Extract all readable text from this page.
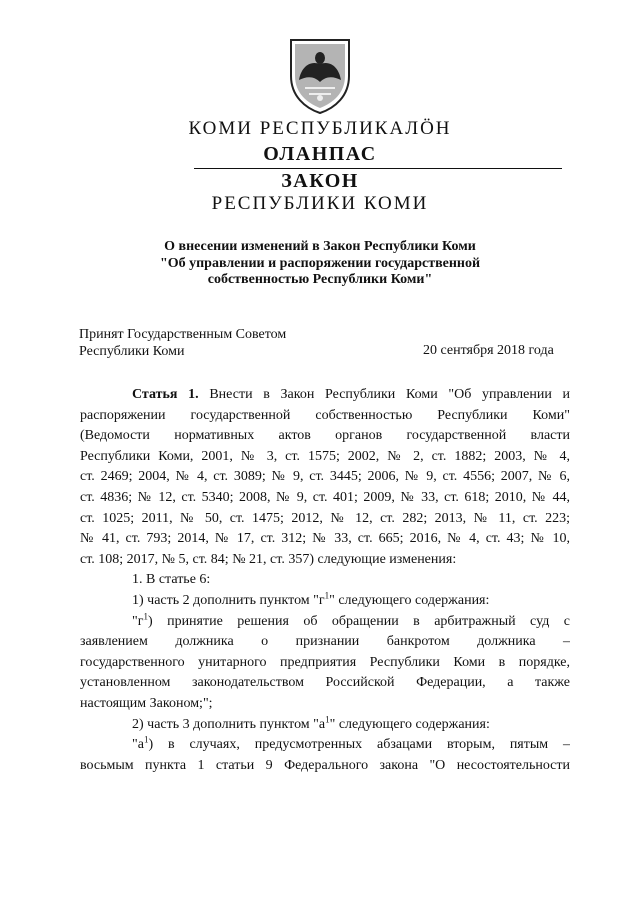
КОМИ РЕСПУБЛИКАЛӦН
ОЛАНПАС
ЗАКОН
РЕСПУБЛИКИ КОМИ
О внесении изменений в Закон Республики Коми
"Об управлении и распоряжении государственной
собственностью Республики Коми"
Принят Государственным Советом
Республики Коми	20 сентября 2018 года
Статья 1. Внести в Закон Республики Коми "Об управлении и
распоряжении государственной собственностью Республики Коми"
(Ведомости нормативных актов органов государственной власти
Республики Коми, 2001, № 3, ст. 1575; 2002, № 2, ст. 1882; 2003, № 4,
ст. 2469; 2004, № 4, ст. 3089; № 9, ст. 3445; 2006, № 9, ст. 4556; 2007, № 6,
ст. 4836; № 12, ст. 5340; 2008, № 9, ст. 401; 2009, № 33, ст. 618; 2010, № 44,
ст. 1025; 2011, № 50, ст. 1475; 2012, № 12, ст. 282; 2013, № 11, ст. 223;
№ 41, ст. 793; 2014, № 17, ст. 312; № 33, ст. 665; 2016, № 4, ст. 43; № 10,
ст. 108; 2017, № 5, ст. 84; № 21, ст. 357) следующие изменения:
1. В статье 6:
1) часть 2 дополнить пунктом "$г^1$" следующего содержания:
"$г^1$) принятие решения об обращении в арбитражный суд с
заявлением должника о признании банкротом должника –
государственного унитарного предприятия Республики Коми в порядке,
установленном законодательством Российской Федерации, а также
настоящим Законом;";
2) часть 3 дополнить пунктом "$а^1$" следующего содержания:
"$а^1$) в случаях, предусмотренных абзацами вторым, пятым –
восьмым пункта 1 статьи 9 Федерального закона "О несостоятельности
